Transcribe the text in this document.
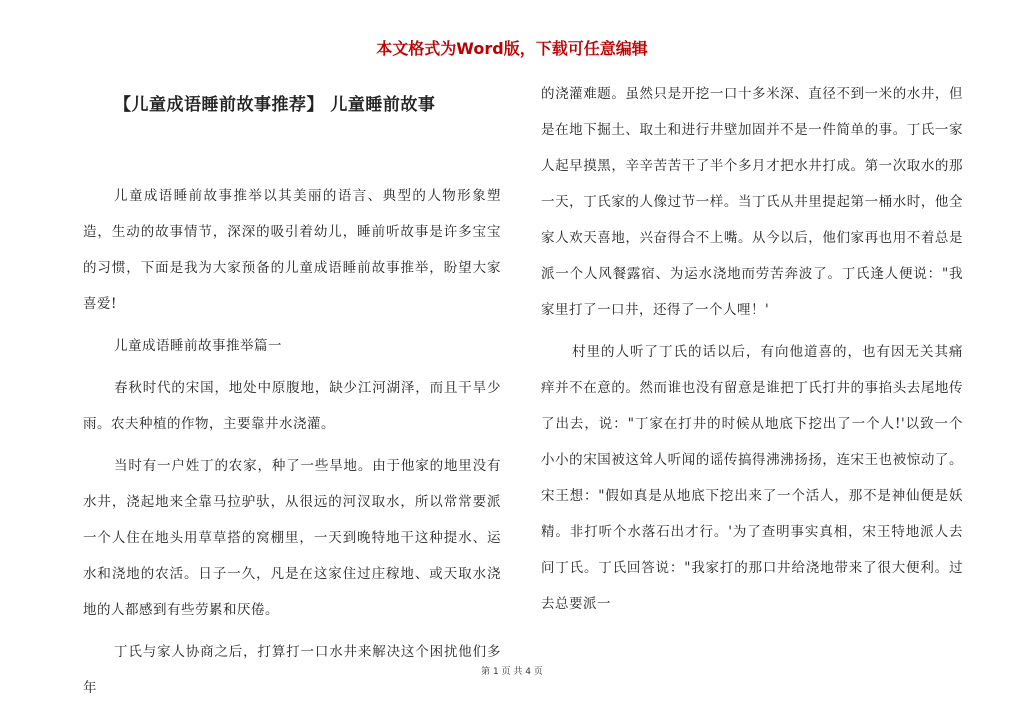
本文格式为Word版，下载可任意编辑
【儿童成语睡前故事推荐】 儿童睡前故事

儿童成语睡前故事推举以其美丽的语言、典型的人物形象塑造，生动的故事情节，深深的吸引着幼儿，睡前听故事是许多宝宝的习惯，下面是我为大家预备的儿童成语睡前故事推举，盼望大家喜爱!

儿童成语睡前故事推举篇一

春秋时代的宋国，地处中原腹地，缺少江河湖泽，而且干旱少雨。农夫种植的作物，主要靠井水浇灌。

当时有一户姓丁的农家，种了一些旱地。由于他家的地里没有水井，浇起地来全靠马拉驴驮，从很远的河汊取水，所以常常要派一个人住在地头用草草搭的窝棚里，一天到晚特地干这种提水、运水和浇地的农活。日子一久，凡是在这家住过庄稼地、或天取水浇地的人都感到有些劳累和厌倦。

丁氏与家人协商之后，打算打一口水井来解决这个困扰他们多年

的浇灌难题。虽然只是开挖一口十多米深、直径不到一米的水井，但是在地下掘土、取土和进行井壁加固并不是一件简单的事。丁氏一家人起早摸黑，辛辛苦苦干了半个多月才把水井打成。第一次取水的那一天，丁氏家的人像过节一样。当丁氏从井里提起第一桶水时，他全家人欢天喜地，兴奋得合不上嘴。从今以后，他们家再也用不着总是派一个人风餐露宿、为运水浇地而劳苦奔波了。丁氏逢人便说："我家里打了一口井，还得了一个人哩！'

村里的人听了丁氏的话以后，有向他道喜的，也有因无关其痛痒并不在意的。然而谁也没有留意是谁把丁氏打井的事掐头去尾地传了出去，说："丁家在打井的时候从地底下挖出了一个人!'以致一个小小的宋国被这耸人听闻的谣传搞得沸沸扬扬，连宋王也被惊动了。宋王想："假如真是从地底下挖出来了一个活人，那不是神仙便是妖精。非打听个水落石出才行。'为了查明事实真相，宋王特地派人去问丁氏。丁氏回答说："我家打的那口井给浇地带来了很大便利。过去总要派一

第 1 页 共 4 页
